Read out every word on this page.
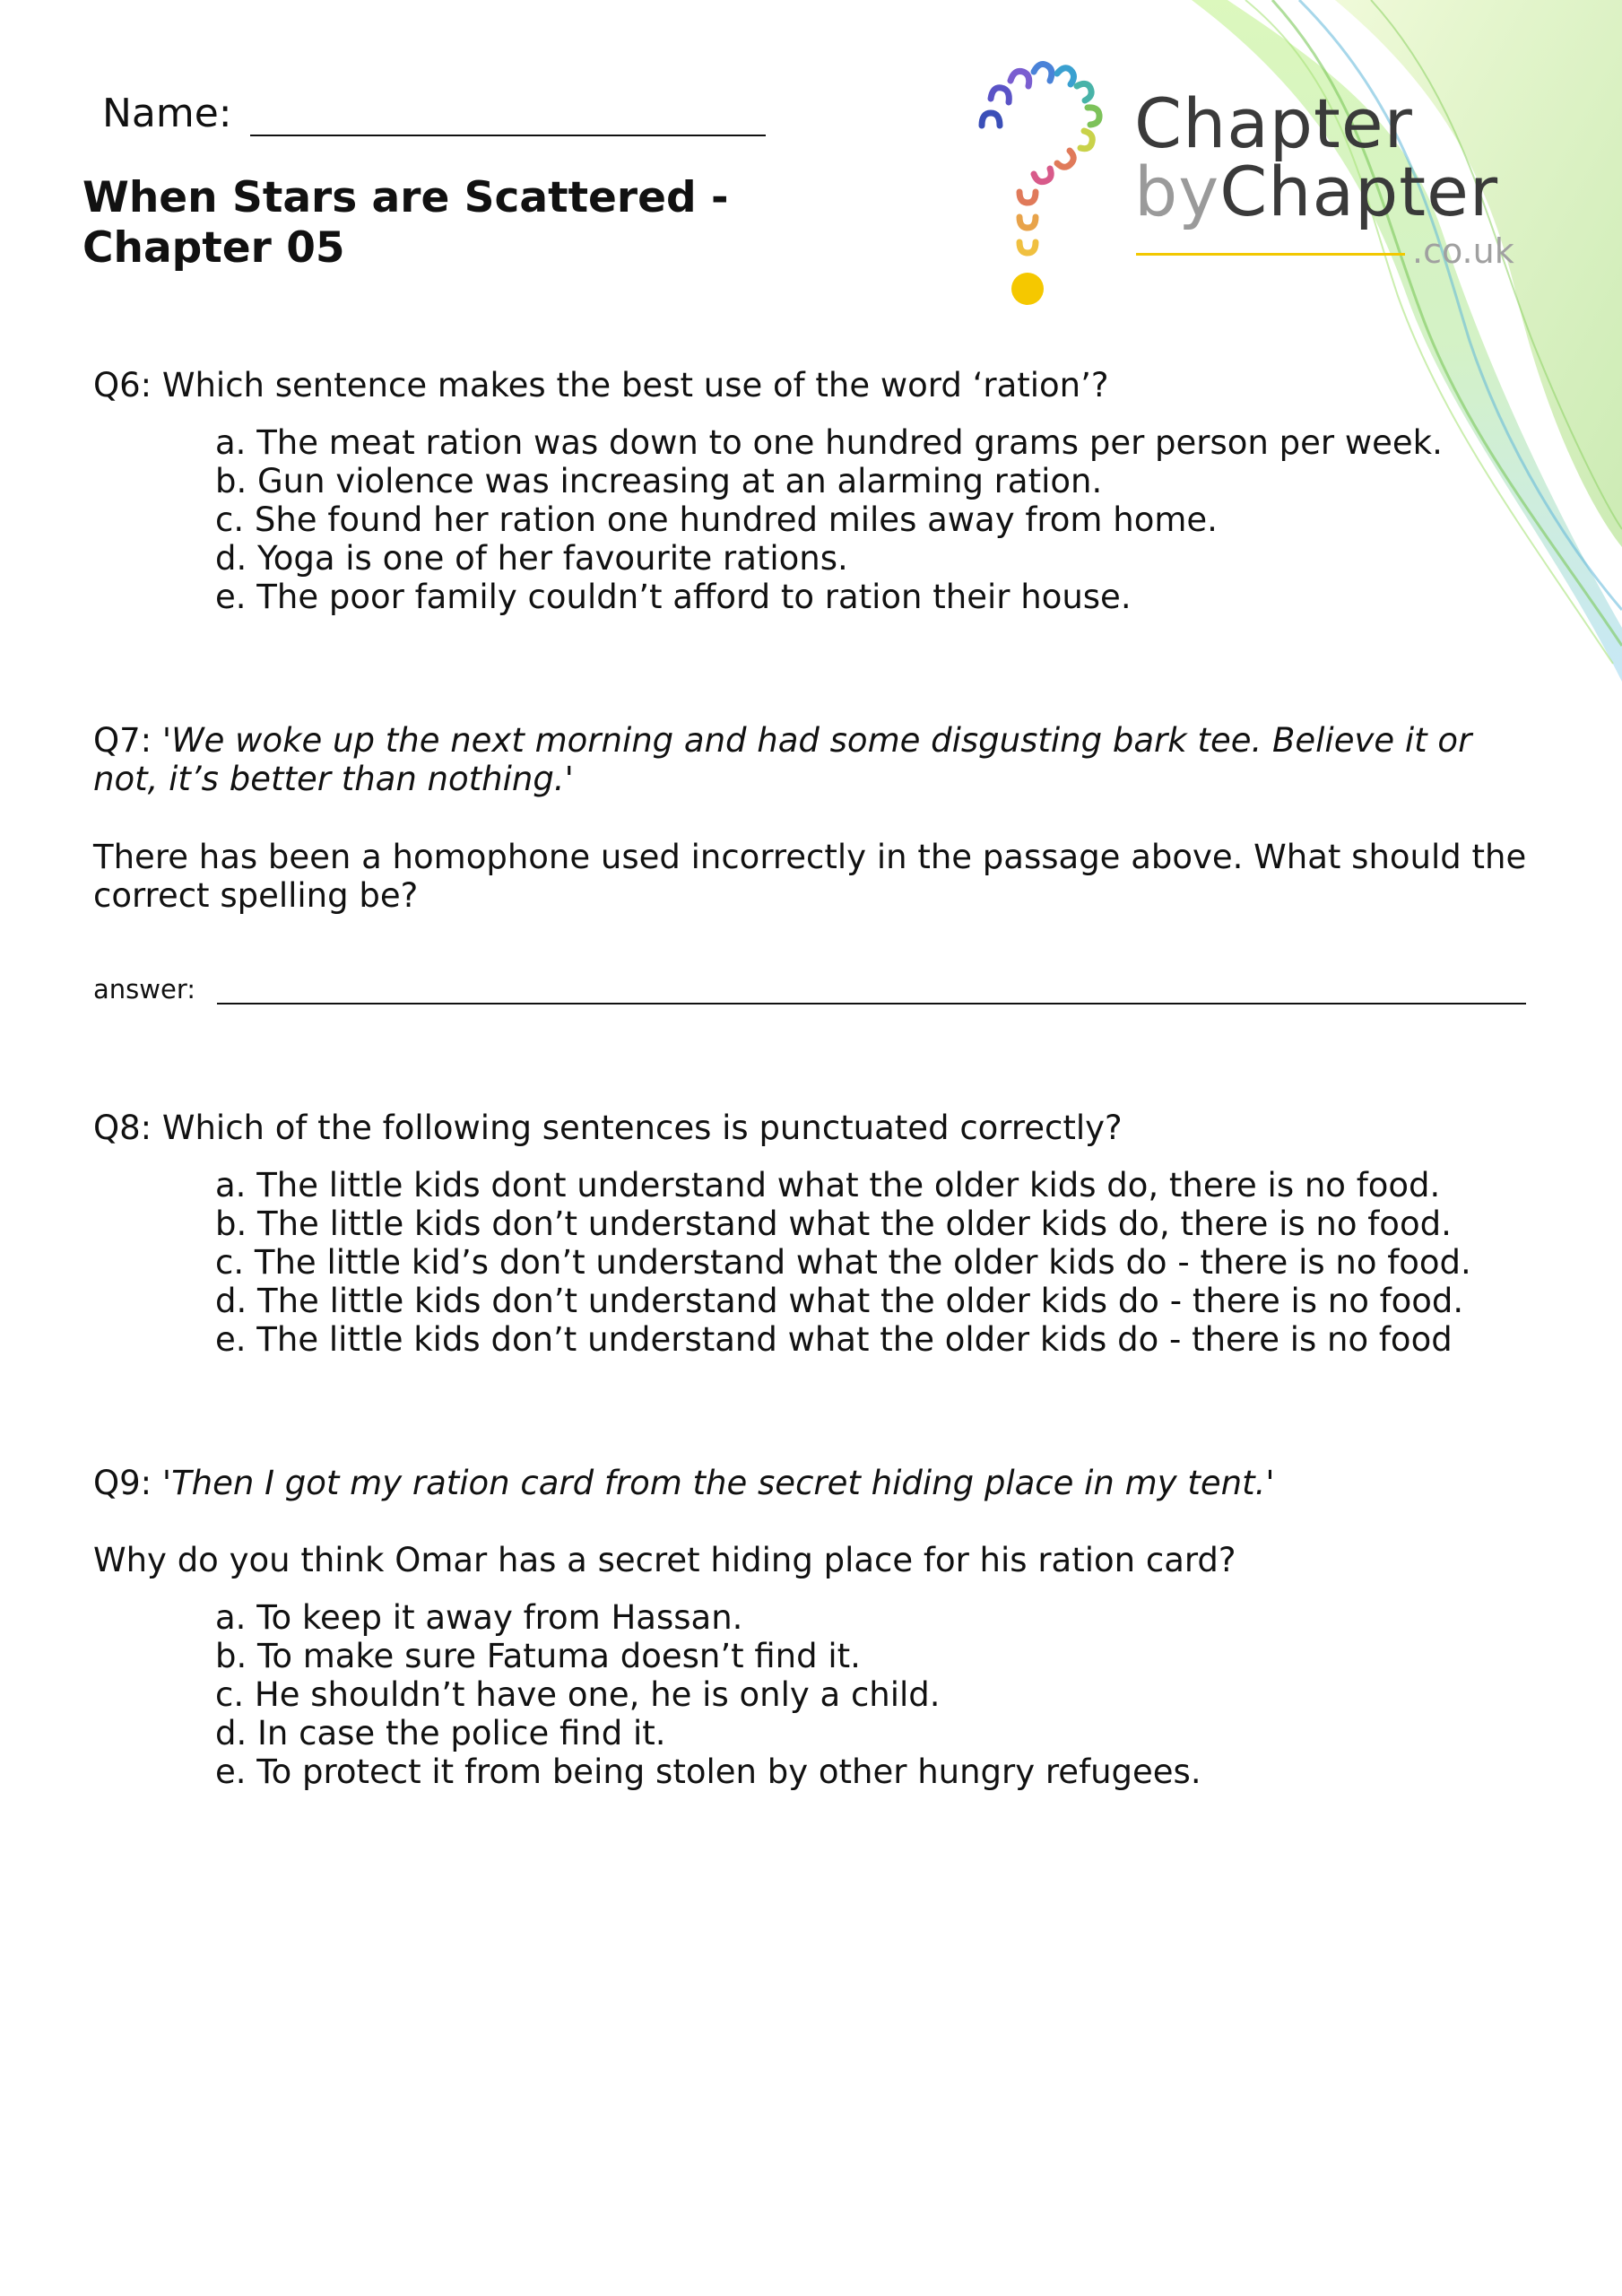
Name:
When Stars are Scattered -
Chapter 05
Chapter
byChapter
.co.uk

Q6: Which sentence makes the best use of the word ‘ration’?

a. The meat ration was down to one hundred grams per person per week.
b. Gun violence was increasing at an alarming ration.
c. She found her ration one hundred miles away from home.
d. Yoga is one of her favourite rations.
e. The poor family couldn’t afford to ration their house.

Q7: 'We woke up the next morning and had some disgusting bark tee. Believe it or not, it’s better than nothing.'

There has been a homophone used incorrectly in the passage above. What should the correct spelling be?

answer:

Q8: Which of the following sentences is punctuated correctly?

a. The little kids dont understand what the older kids do, there is no food.
b. The little kids don’t understand what the older kids do, there is no food.
c. The little kid’s don’t understand what the older kids do - there is no food.
d. The little kids don’t understand what the older kids do - there is no food.
e. The little kids don’t understand what the older kids do - there is no food

Q9: 'Then I got my ration card from the secret hiding place in my tent.'

Why do you think Omar has a secret hiding place for his ration card?

a. To keep it away from Hassan.
b. To make sure Fatuma doesn’t find it.
c. He shouldn’t have one, he is only a child.
d. In case the police find it.
e. To protect it from being stolen by other hungry refugees.
